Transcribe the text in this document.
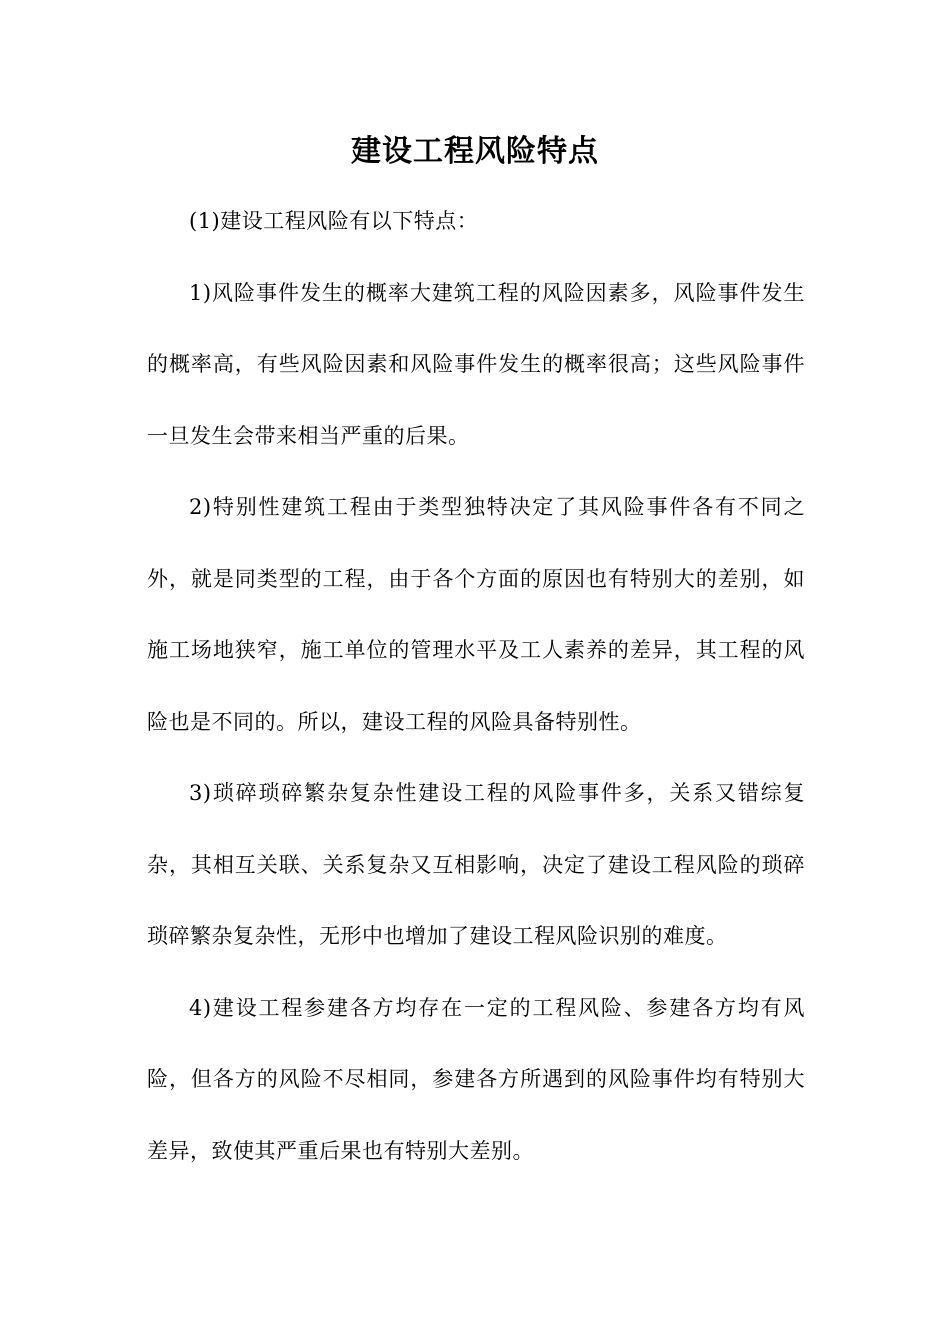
建设工程风险特点

(1)建设工程风险有以下特点：

1)风险事件发生的概率大建筑工程的风险因素多，风险事件发生的概率高，有些风险因素和风险事件发生的概率很高；这些风险事件一旦发生会带来相当严重的后果。

2)特别性建筑工程由于类型独特决定了其风险事件各有不同之外，就是同类型的工程，由于各个方面的原因也有特别大的差别，如施工场地狭窄，施工单位的管理水平及工人素养的差异，其工程的风险也是不同的。所以，建设工程的风险具备特别性。

3)琐碎琐碎繁杂复杂性建设工程的风险事件多，关系又错综复杂，其相互关联、关系复杂又互相影响，决定了建设工程风险的琐碎琐碎繁杂复杂性，无形中也增加了建设工程风险识别的难度。

4)建设工程参建各方均存在一定的工程风险、参建各方均有风险，但各方的风险不尽相同，参建各方所遇到的风险事件均有特别大差异，致使其严重后果也有特别大差别。
